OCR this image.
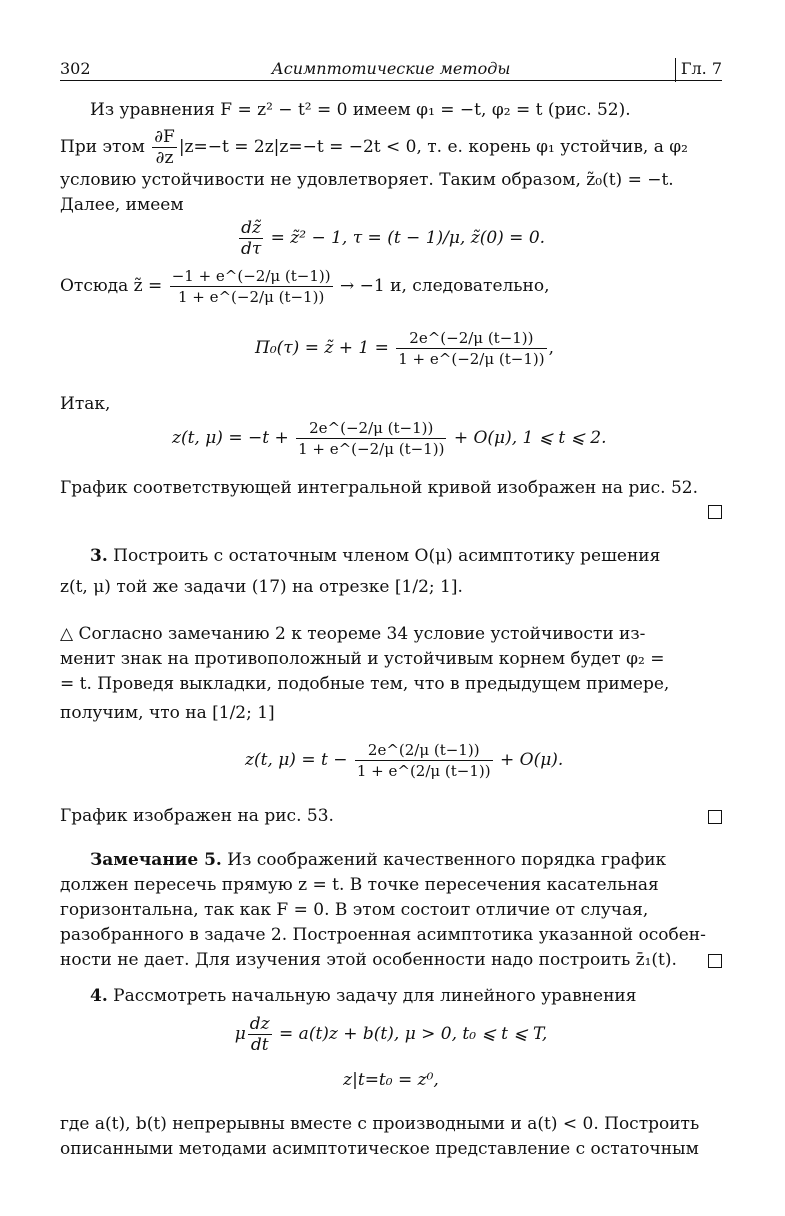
302	Асимптотические методы	Гл. 7

Из уравнения F = z² − t² = 0 имеем φ₁ = −t, φ₂ = t (рис. 52).

При этом $\frac{\partial F}{\partial z} |z=-t = 2z|z=-t = -2t < 0$, т. е. корень φ₁ устойчив, а φ₂

условию устойчивости не удовлетворяет. Таким образом, z̃₀(t) = −t.

Далее, имеем

$\frac{dz̃}{d\tau}$ = z̃² − 1, τ = (t − 1)/μ, z̃(0) = 0.
Отсюда z̃ = $\frac{-1 + e\^{}(-2/\mu (t-1))}{1 + e\^{}(-2/\mu (t-1))} \to -1$ и, следовательно,
Π₀(τ) = z̃ + $1 = \frac{2e\^{}(-2/\mu (t-1))}{1 + e\^{}(-2/\mu (t-1))}$ ,
Итак,
z(t, $\mu) = -t + \frac{2e\^{}(-2/\mu (t-1))}{1 + e\^{}(-2/\mu (t-1))} + O(\mu)$, 1 ⩽ t ⩽ 2.

График соответствующей интегральной кривой изображен на рис. 52.

3. Построить с остаточным членом O(μ) асимптотику решения

z(t, μ) той же задачи (17) на отрезке [1/2; 1].

△ Согласно замечанию 2 к теореме 34 условие устойчивости из-

менит знак на противоположный и устойчивым корнем будет φ₂ =

= t. Проведя выкладки, подобные тем, что в предыдущем примере,

получим, что на [1/2; 1]

z(t, $\mu) = t - \frac{2e\^{}(2/\mu (t-1))}{1 + e\^{}(2/\mu (t-1))} + O(\mu)$.

График изображен на рис. 53.

Замечание 5. Из соображений качественного порядка график

должен пересечь прямую z = t. В точке пересечения касательная

горизонтальна, так как F = 0. В этом состоит отличие от случая,

разобранного в задаче 2. Построенная асимптотика указанной особен-

ности не дает. Для изучения этой особенности надо построить z̄₁(t).

4. Рассмотреть начальную задачу для линейного уравнения

μ $\frac{dz}{dt} = a(t)z + b(t)$, μ > 0, t₀ ⩽ t ⩽ T,
z|t=t₀ = z⁰,

где a(t), b(t) непрерывны вместе с производными и a(t) < 0. Построить

описанными методами асимптотическое представление с остаточным
